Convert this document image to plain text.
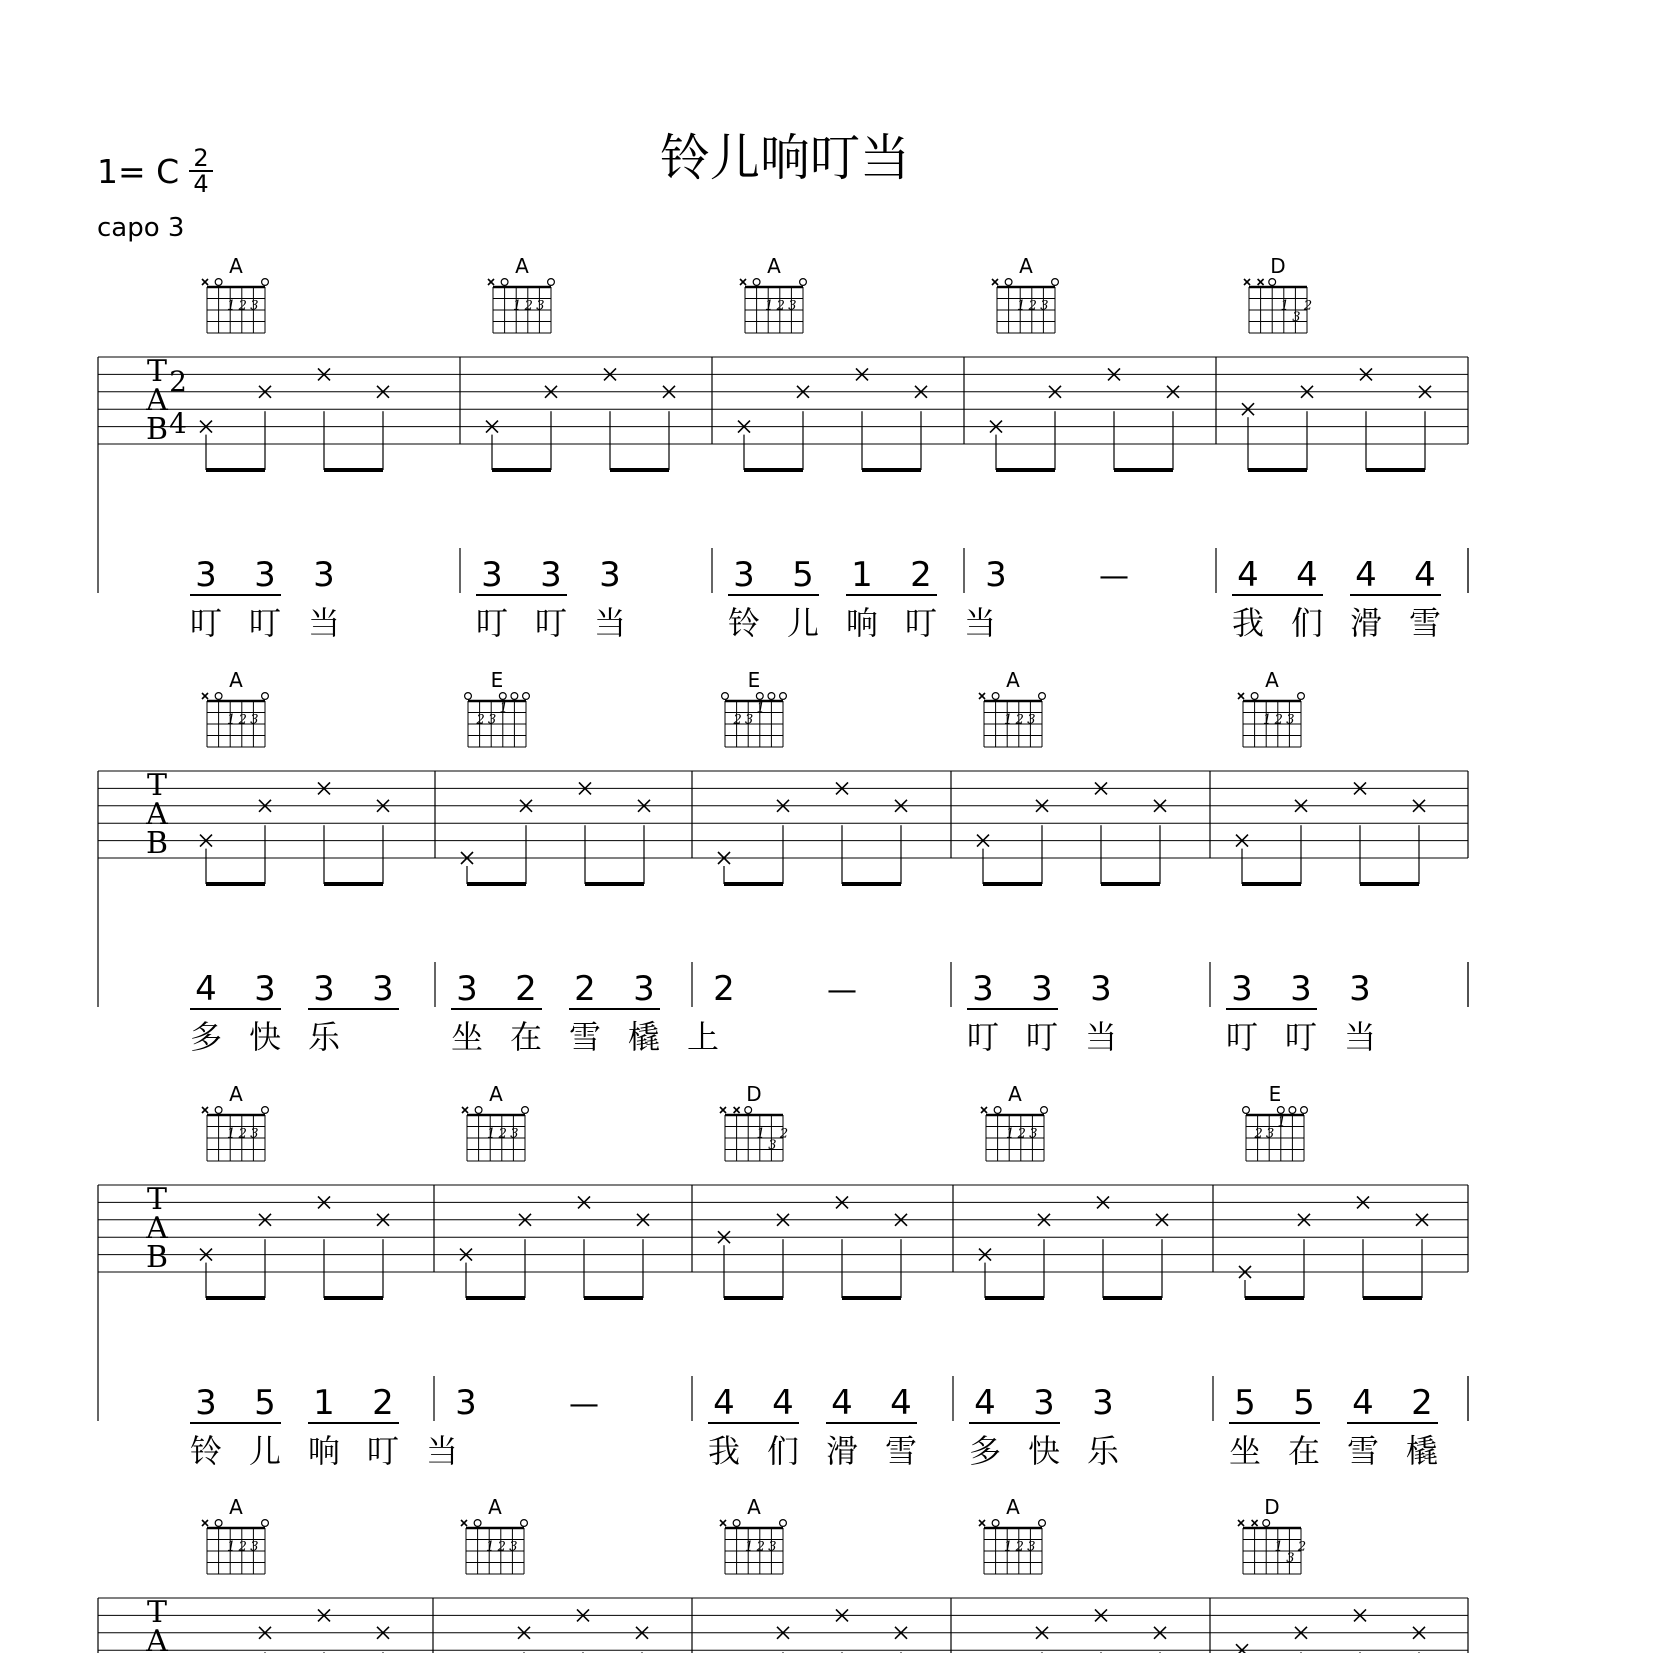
铃儿响叮当
1= C 2
4
capo 3
T
A
B
2
4
A
1 2 3
3 3 3
叮 叮 当
A
1 2 3
3 3 3
叮 叮 当
A
1 2 3
3 5 1 2
铃 儿 响 叮 当
A
1 2 3
3	—
D
1 2
3
4 4 4 4
我 们 滑 雪
T
A
B
A
1 2 3
4 3 3 3
多 快 乐
E
2 3
1
3 2 2 3
坐 在 雪 橇 上
E
2 3
1
2	—
A
1 2 3
3 3 3
叮 叮 当
A
1 2 3
3 3 3
叮 叮 当
T
A
B
A
1 2 3
3 5 1 2
铃 儿 响 叮 当
A
1 2 3
3	—
D
1 2
3
4 4 4 4
我 们 滑 雪
A
1 2 3
4 3 3
多 快 乐
E
2 3
1
5 5 4 2
坐 在 雪 橇
T
A
A
1 2 3
A
1 2 3
A
1 2 3
A
1 2 3
D
1 2
3
